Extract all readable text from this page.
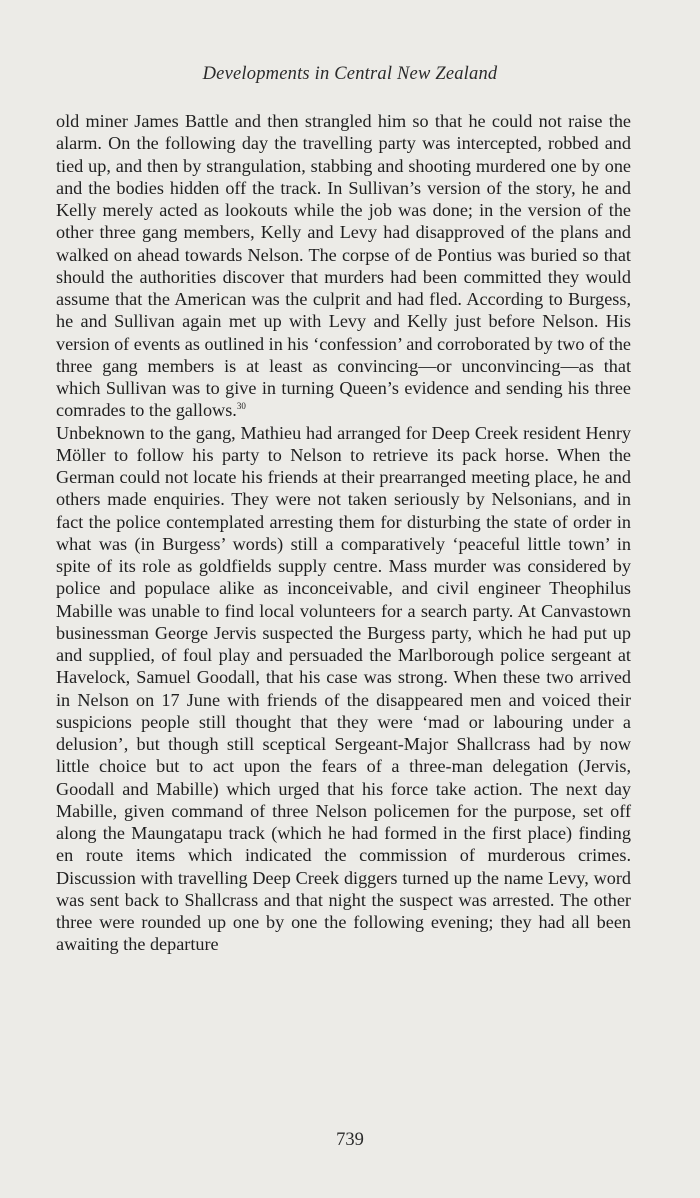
Developments in Central New Zealand

old miner James Battle and then strangled him so that he could not raise the alarm. On the following day the travelling party was intercepted, robbed and tied up, and then by strangulation, stabbing and shooting murdered one by one and the bodies hidden off the track. In Sullivan’s version of the story, he and Kelly merely acted as lookouts while the job was done; in the version of the other three gang members, Kelly and Levy had disapproved of the plans and walked on ahead towards Nelson. The corpse of de Pontius was buried so that should the authorities discover that murders had been committed they would assume that the American was the culprit and had fled. According to Burgess, he and Sullivan again met up with Levy and Kelly just before Nelson. His version of events as outlined in his ‘confession’ and corroborated by two of the three gang members is at least as convincing—or unconvincing—as that which Sullivan was to give in turning Queen’s evidence and sending his three comrades to the gallows.$^{30}$

Unbeknown to the gang, Mathieu had arranged for Deep Creek resident Henry Möller to follow his party to Nelson to retrieve its pack horse. When the German could not locate his friends at their prearranged meeting place, he and others made enquiries. They were not taken seriously by Nelsonians, and in fact the police contemplated arresting them for disturbing the state of order in what was (in Burgess’ words) still a comparatively ‘peaceful little town’ in spite of its role as goldfields supply centre. Mass murder was considered by police and populace alike as inconceivable, and civil engineer Theophilus Mabille was unable to find local volunteers for a search party. At Canvastown businessman George Jervis suspected the Burgess party, which he had put up and supplied, of foul play and persuaded the Marlborough police sergeant at Havelock, Samuel Goodall, that his case was strong. When these two arrived in Nelson on 17 June with friends of the disappeared men and voiced their suspicions people still thought that they were ‘mad or labouring under a delusion’, but though still sceptical Sergeant-Major Shallcrass had by now little choice but to act upon the fears of a three-man delegation (Jervis, Goodall and Mabille) which urged that his force take action. The next day Mabille, given command of three Nelson policemen for the purpose, set off along the Maungatapu track (which he had formed in the first place) finding en route items which indicated the commission of murderous crimes. Discussion with travelling Deep Creek diggers turned up the name Levy, word was sent back to Shallcrass and that night the suspect was arrested. The other three were rounded up one by one the following evening; they had all been awaiting the departure

739
